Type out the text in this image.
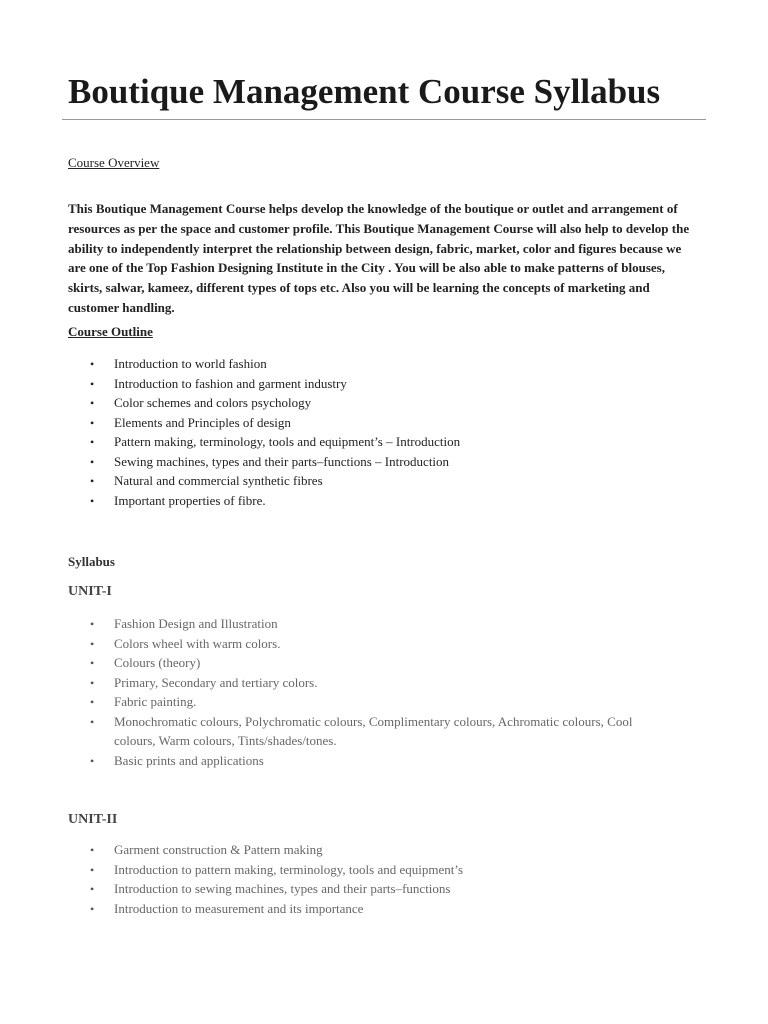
Boutique Management Course Syllabus

Course Overview

This Boutique Management Course helps develop the knowledge of the boutique or outlet and arrangement of resources as per the space and customer profile. This Boutique Management Course will also help to develop the ability to independently interpret the relationship between design, fabric, market, color and figures because we are one of the Top Fashion Designing Institute in the City . You will be also able to make patterns of blouses, skirts, salwar, kameez, different types of tops etc. Also you will be learning the concepts of marketing and customer handling.

Course Outline

• Introduction to world fashion
• Introduction to fashion and garment industry
• Color schemes and colors psychology
• Elements and Principles of design
• Pattern making, terminology, tools and equipment’s – Introduction
• Sewing machines, types and their parts–functions – Introduction
• Natural and commercial synthetic fibres
• Important properties of fibre.

Syllabus

UNIT-I

• Fashion Design and Illustration
• Colors wheel with warm colors.
• Colours (theory)
• Primary, Secondary and tertiary colors.
• Fabric painting.
• Monochromatic colours, Polychromatic colours, Complimentary colours, Achromatic colours, Cool colours, Warm colours, Tints/shades/tones.
• Basic prints and applications

UNIT-II

• Garment construction & Pattern making
• Introduction to pattern making, terminology, tools and equipment’s
• Introduction to sewing machines, types and their parts–functions
• Introduction to measurement and its importance
